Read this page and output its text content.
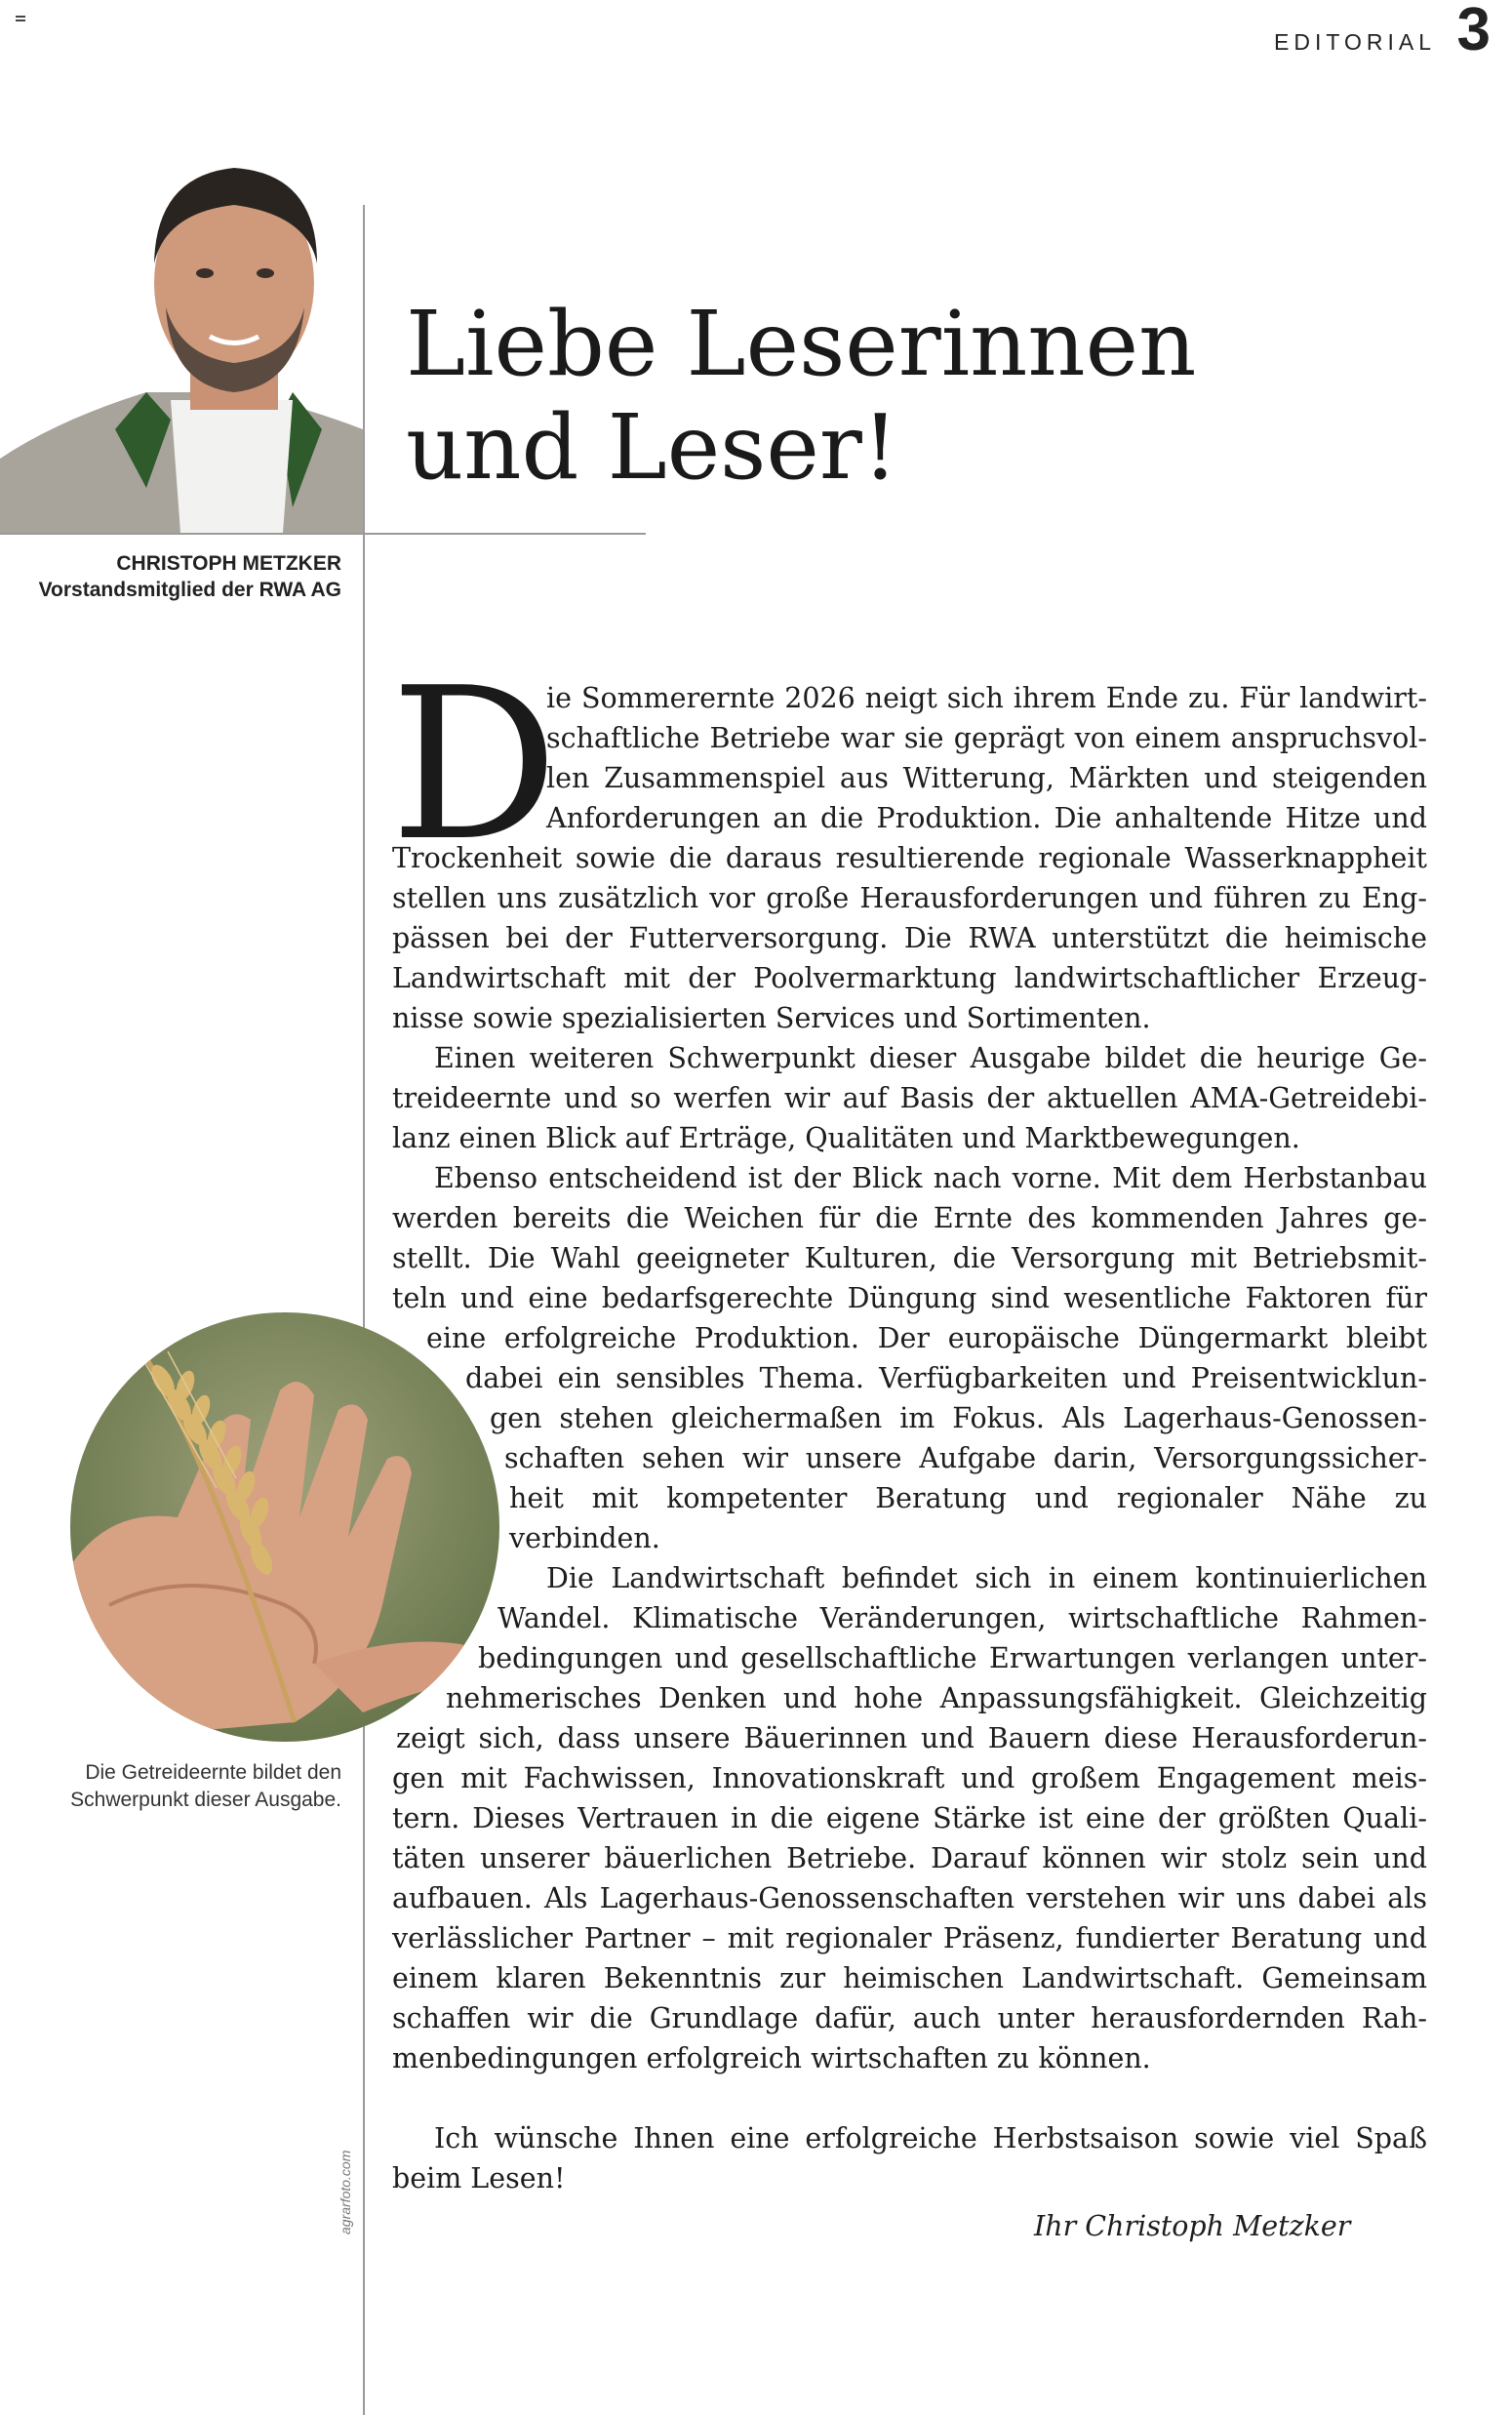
EDITORIAL 3
CHRISTOPH METZKER
Vorstandsmitglied der RWA AG
Liebe Leserinnen
und Leser!
D
ie Sommerernte 2026 neigt sich ihrem Ende zu. Für landwirt-
schaftliche Betriebe war sie geprägt von einem anspruchsvol-
len Zusammenspiel aus Witterung, Märkten und steigenden
Anforderungen an die Produktion. Die anhaltende Hitze und
Trockenheit sowie die daraus resultierende regionale Wasserknappheit
stellen uns zusätzlich vor große Herausforderungen und führen zu Eng-
pässen bei der Futterversorgung. Die RWA unterstützt die heimische
Landwirtschaft mit der Poolvermarktung landwirtschaftlicher Erzeug-
nisse sowie spezialisierten Services und Sortimenten.
Einen weiteren Schwerpunkt dieser Ausgabe bildet die heurige Ge-
treideernte und so werfen wir auf Basis der aktuellen AMA-Getreidebi-
lanz einen Blick auf Erträge, Qualitäten und Marktbewegungen.
Ebenso entscheidend ist der Blick nach vorne. Mit dem Herbstanbau
werden bereits die Weichen für die Ernte des kommenden Jahres ge-
stellt. Die Wahl geeigneter Kulturen, die Versorgung mit Betriebsmit-
teln und eine bedarfsgerechte Düngung sind wesentliche Faktoren für
eine erfolgreiche Produktion. Der europäische Düngermarkt bleibt
dabei ein sensibles Thema. Verfügbarkeiten und Preisentwicklun-
gen stehen gleichermaßen im Fokus. Als Lagerhaus-Genossen-
schaften sehen wir unsere Aufgabe darin, Versorgungssicher-
heit mit kompetenter Beratung und regionaler Nähe zu
verbinden.
Die Landwirtschaft befindet sich in einem kontinuierlichen
Wandel. Klimatische Veränderungen, wirtschaftliche Rahmen-
bedingungen und gesellschaftliche Erwartungen verlangen unter-
nehmerisches Denken und hohe Anpassungsfähigkeit. Gleichzeitig
zeigt sich, dass unsere Bäuerinnen und Bauern diese Herausforderun-
gen mit Fachwissen, Innovationskraft und großem Engagement meis-
tern. Dieses Vertrauen in die eigene Stärke ist eine der größten Quali-
täten unserer bäuerlichen Betriebe. Darauf können wir stolz sein und
aufbauen. Als Lagerhaus-Genossenschaften verstehen wir uns dabei als
verlässlicher Partner – mit regionaler Präsenz, fundierter Beratung und
einem klaren Bekenntnis zur heimischen Landwirtschaft. Gemeinsam
schaffen wir die Grundlage dafür, auch unter herausfordernden Rah-
menbedingungen erfolgreich wirtschaften zu können.
Ich wünsche Ihnen eine erfolgreiche Herbstsaison sowie viel Spaß
beim Lesen!
Ihr Christoph Metzker
Die Getreideernte bildet den
Schwerpunkt dieser Ausgabe.
agrarfoto.com
